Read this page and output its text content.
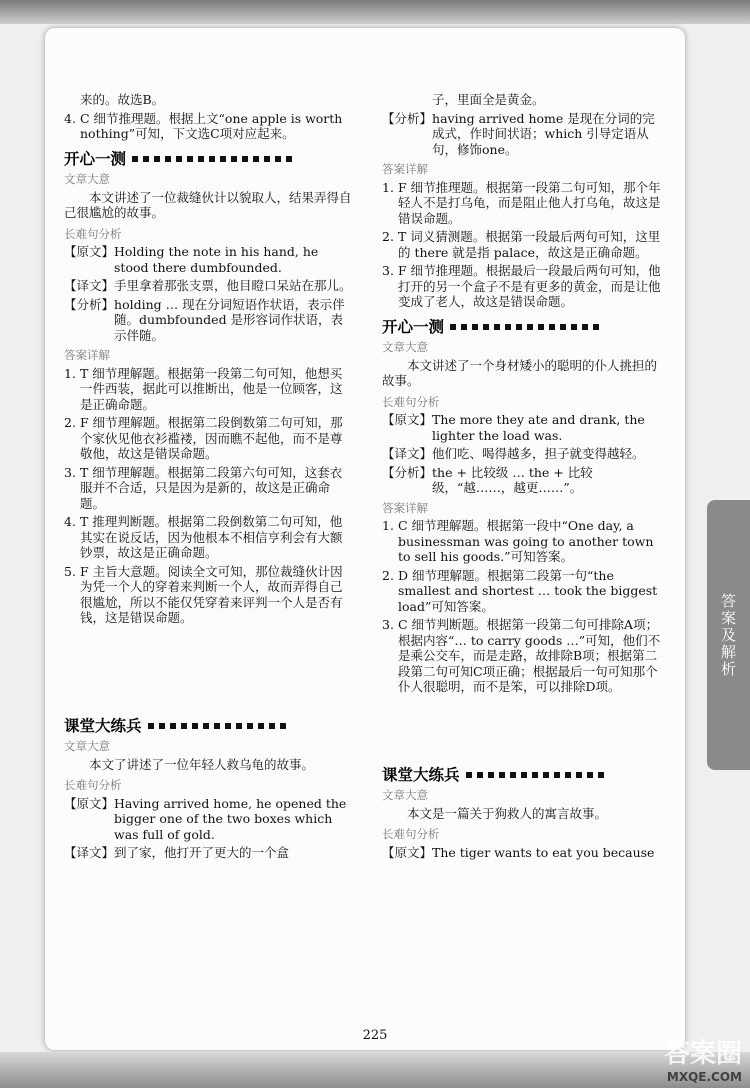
答案及解析
来的。故选B。
4. C 细节推理题。根据上文“one apple is worth nothing”可知，下文选C项对应起来。
开心一测
文章大意
本文讲述了一位裁缝伙计以貌取人，结果弄得自己很尴尬的故事。
长难句分析
【原文】 Holding the note in his hand, he stood there dumbfounded.
【译文】 手里拿着那张支票，他目瞪口呆站在那儿。
【分析】 holding … 现在分词短语作状语，表示伴随。dumbfounded 是形容词作状语，表示伴随。
答案详解
1. T 细节理解题。根据第一段第二句可知，他想买一件西装，据此可以推断出，他是一位顾客，这是正确命题。
2. F 细节理解题。根据第二段倒数第二句可知，那个家伙见他衣衫褴褛，因而瞧不起他，而不是尊敬他，故这是错误命题。
3. T 细节理解题。根据第二段第六句可知，这套衣服并不合适，只是因为是新的，故这是正确命题。
4. T 推理判断题。根据第二段倒数第二句可知，他其实在说反话，因为他根本不相信亨利会有大额钞票，故这是正确命题。
5. F 主旨大意题。阅读全文可知，那位裁缝伙计因为凭一个人的穿着来判断一个人，故而弄得自己很尴尬，所以不能仅凭穿着来评判一个人是否有钱，这是错误命题。
课堂大练兵
文章大意
本文了讲述了一位年轻人救乌龟的故事。
长难句分析
【原文】 Having arrived home, he opened the bigger one of the two boxes which was full of gold.
【译文】 到了家，他打开了更大的一个盒
子，里面全是黄金。
【分析】 having arrived home 是现在分词的完成式，作时间状语；which 引导定语从句，修饰one。
答案详解
1. F 细节推理题。根据第一段第二句可知，那个年轻人不是打乌龟，而是阻止他人打乌龟，故这是错误命题。
2. T 词义猜测题。根据第一段最后两句可知，这里的 there 就是指 palace，故这是正确命题。
3. F 细节推理题。根据最后一段最后两句可知，他打开的另一个盒子不是有更多的黄金，而是让他变成了老人，故这是错误命题。
开心一测
文章大意
本文讲述了一个身材矮小的聪明的仆人挑担的故事。
长难句分析
【原文】 The more they ate and drank, the lighter the load was.
【译文】 他们吃、喝得越多，担子就变得越轻。
【分析】 the + 比较级 … the + 比较级，“越……，越更……”。
答案详解
1. C 细节理解题。根据第一段中“One day, a businessman was going to another town to sell his goods.”可知答案。
2. D 细节理解题。根据第二段第一句“the smallest and shortest … took the biggest load”可知答案。
3. C 细节判断题。根据第一段第二句可排除A项；根据内容“… to carry goods …”可知，他们不是乘公交车，而是走路，故排除B项；根据第二段第二句可知C项正确；根据最后一句可知那个仆人很聪明，而不是笨，可以排除D项。
课堂大练兵
文章大意
本文是一篇关于狗救人的寓言故事。
长难句分析
【原文】 The tiger wants to eat you because
225
答案圈
MXQE.COM
